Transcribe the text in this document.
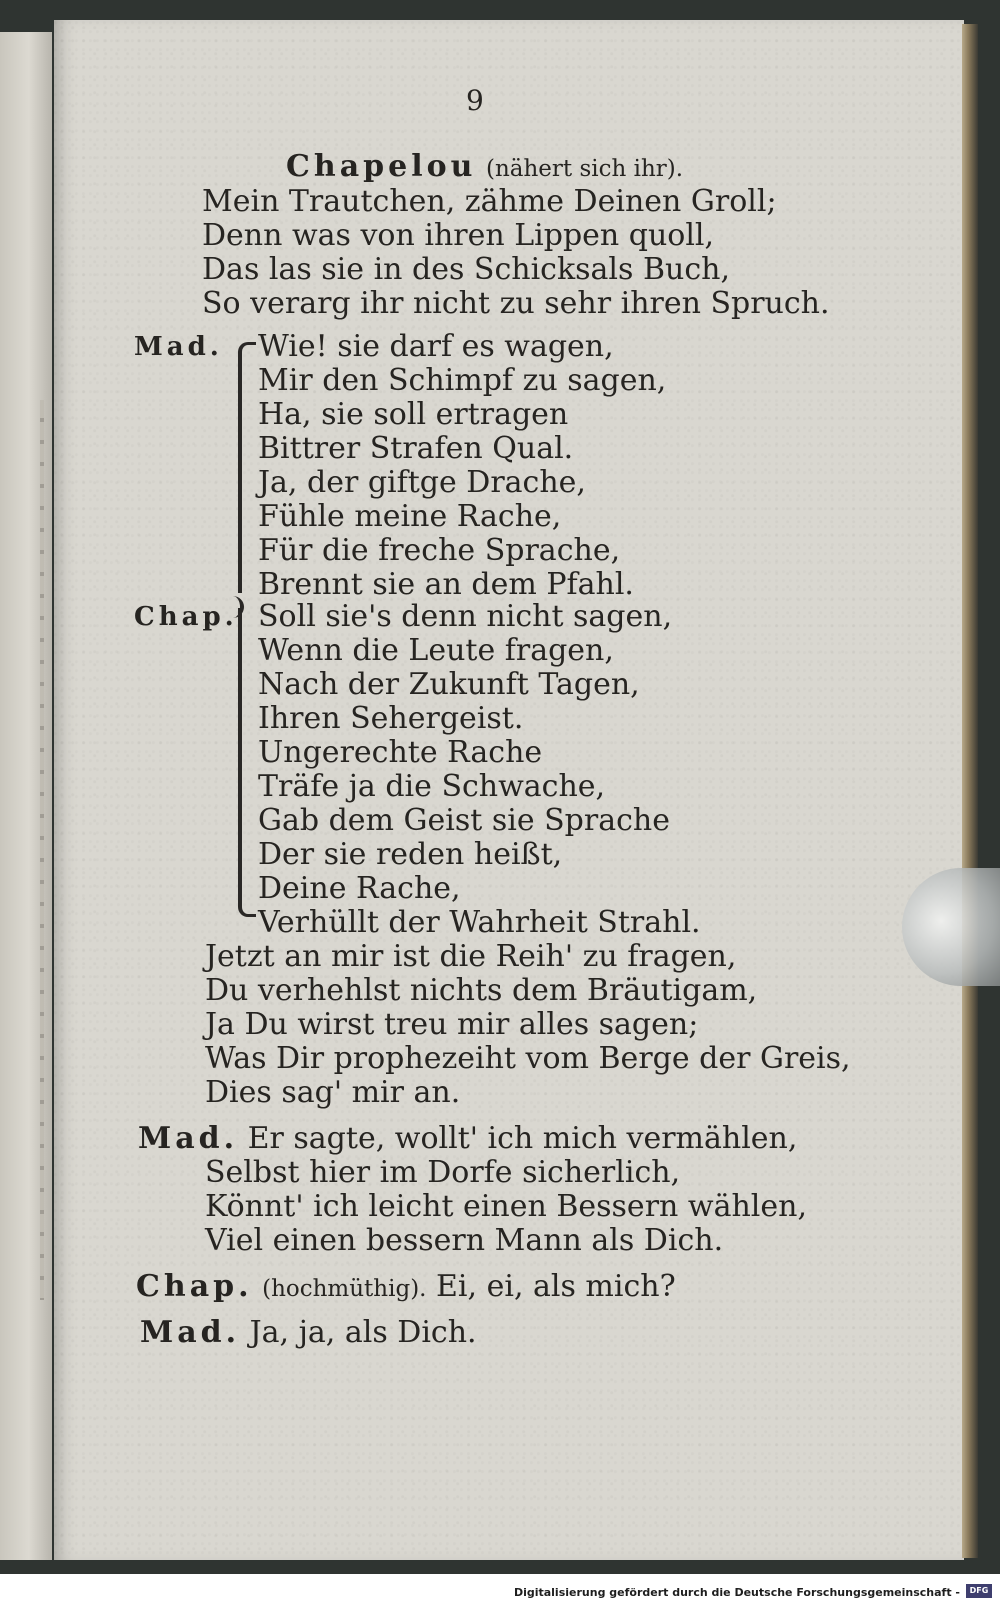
9

Chapelou (nähert sich ihr).

Mein Trautchen, zähme Deinen Groll;

Denn was von ihren Lippen quoll,

Das las sie in des Schicksals Buch,

So verarg ihr nicht zu sehr ihren Spruch.

Mad. Wie! sie darf es wagen,

Mir den Schimpf zu sagen,

Ha, sie soll ertragen

Bittrer Strafen Qual.

Ja, der giftge Drache,

Fühle meine Rache,

Für die freche Sprache,

Brennt sie an dem Pfahl.

Chap. Soll sie's denn nicht sagen,

Wenn die Leute fragen,

Nach der Zukunft Tagen,

Ihren Sehergeist.

Ungerechte Rache

Träfe ja die Schwache,

Gab dem Geist sie Sprache

Der sie reden heißt,

Deine Rache,

Verhüllt der Wahrheit Strahl.

Jetzt an mir ist die Reih' zu fragen,

Du verhehlst nichts dem Bräutigam,

Ja Du wirst treu mir alles sagen;

Was Dir prophezeiht vom Berge der Greis,

Dies sag' mir an.

Mad. Er sagte, wollt' ich mich vermählen,

Selbst hier im Dorfe sicherlich,

Könnt' ich leicht einen Bessern wählen,

Viel einen bessern Mann als Dich.

Chap. (hochmüthig). Ei, ei, als mich?

Mad. Ja, ja, als Dich.

Digitalisierung gefördert durch die Deutsche Forschungsgemeinschaft -	DFG
